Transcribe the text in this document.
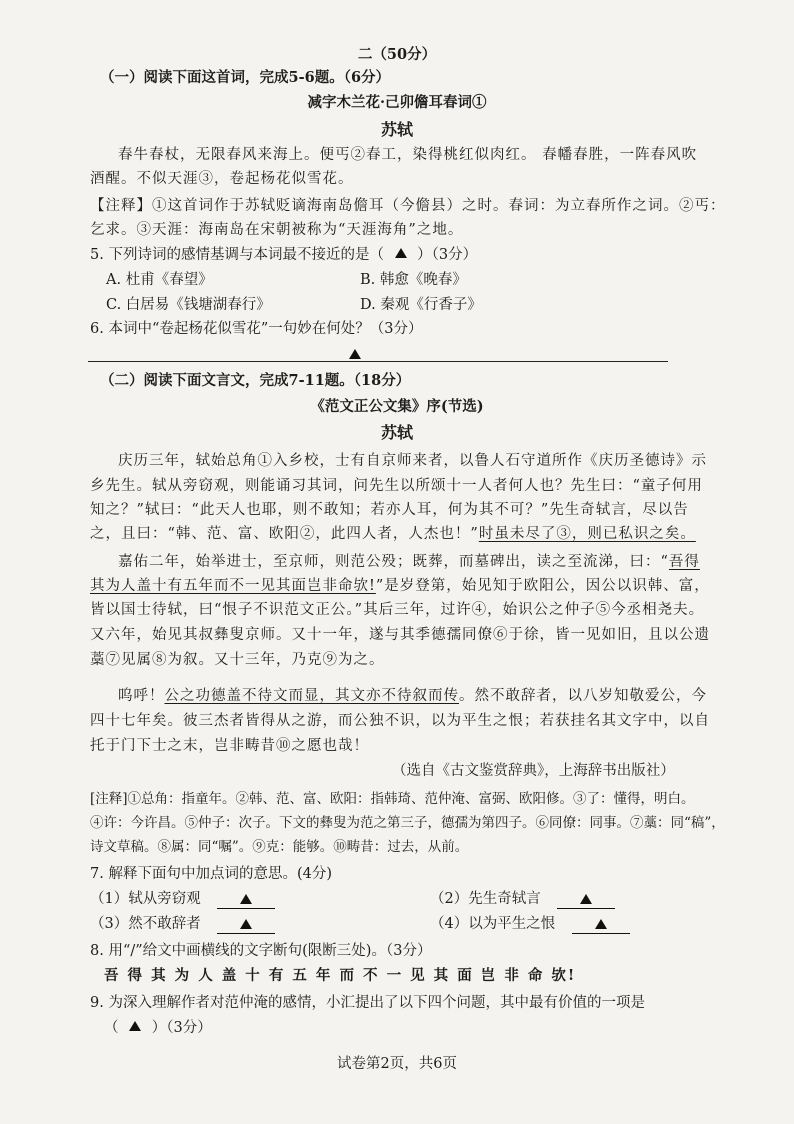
二（50分）
（一）阅读下面这首词，完成5-6题。（6分）
减字木兰花·己卯儋耳春词①
苏轼
春牛春杖，无限春风来海上。便丐②春工，染得桃红似肉红。 春幡春胜，一阵春风吹
酒醒。不似天涯③，卷起杨花似雪花。
【注释】①这首词作于苏轼贬谪海南岛儋耳（今儋县）之时。春词：为立春所作之词。②丐：
乞求。③天涯：海南岛在宋朝被称为“天涯海角”之地。
5. 下列诗词的感情基调与本词最不接近的是（ ）（3分）
A. 杜甫《春望》	B. 韩愈《晚春》
C. 白居易《钱塘湖春行》	D. 秦观《行香子》
6. 本词中“卷起杨花似雪花”一句妙在何处？（3分）
（二）阅读下面文言文，完成7-11题。（18分）
《范文正公文集》序(节选)
苏轼
庆历三年，轼始总角①入乡校，士有自京师来者，以鲁人石守道所作《庆历圣德诗》示
乡先生。轼从旁窃观，则能诵习其词，问先生以所颂十一人者何人也？先生曰：“童子何用
知之？”轼曰：“此天人也耶，则不敢知；若亦人耳，何为其不可？”先生奇轼言，尽以告
之，且曰：“韩、范、富、欧阳②，此四人者，人杰也！”时虽未尽了③，则已私识之矣。
嘉佑二年，始举进士，至京师，则范公殁；既葬，而墓碑出，读之至流涕，曰：“吾得
其为人盖十有五年而不一见其面岂非命欤!”是岁登第，始见知于欧阳公，因公以识韩、富，
皆以国士待轼，曰“恨子不识范文正公。”其后三年，过许④，始识公之仲子⑤今丞相尧夫。
又六年，始见其叔彝叟京师。又十一年，遂与其季德孺同僚⑥于徐，皆一见如旧，且以公遗
藁⑦见属⑧为叙。又十三年，乃克⑨为之。
呜呼！公之功德盖不待文而显，其文亦不待叙而传。然不敢辞者，以八岁知敬爱公，今
四十七年矣。彼三杰者皆得从之游，而公独不识，以为平生之恨；若获挂名其文字中，以自
托于门下士之末，岂非畴昔⑩之愿也哉！
（选自《古文鉴赏辞典》，上海辞书出版社）
[注释]①总角：指童年。②韩、范、富、欧阳：指韩琦、范仲淹、富弼、欧阳修。③了：懂得，明白。
④许：今许昌。⑤仲子：次子。下文的彝叟为范之第三子，德孺为第四子。⑥同僚：同事。⑦藁：同“稿”，
诗文草稿。⑧属：同“嘱”。⑨克：能够。⑩畴昔：过去，从前。
7. 解释下面句中加点词的意思。(4分)
（1）轼从旁窃观	（2）先生奇轼言
（3）然不敢辞者	（4）以为平生之恨
8. 用“/”给文中画横线的文字断句(限断三处)。（3分）
吾 得 其 为 人 盖 十 有 五 年 而 不 一 见 其 面 岂 非 命 欤!
9. 为深入理解作者对范仲淹的感情，小汇提出了以下四个问题，其中最有价值的一项是
（ ）（3分）
试卷第2页，共6页
